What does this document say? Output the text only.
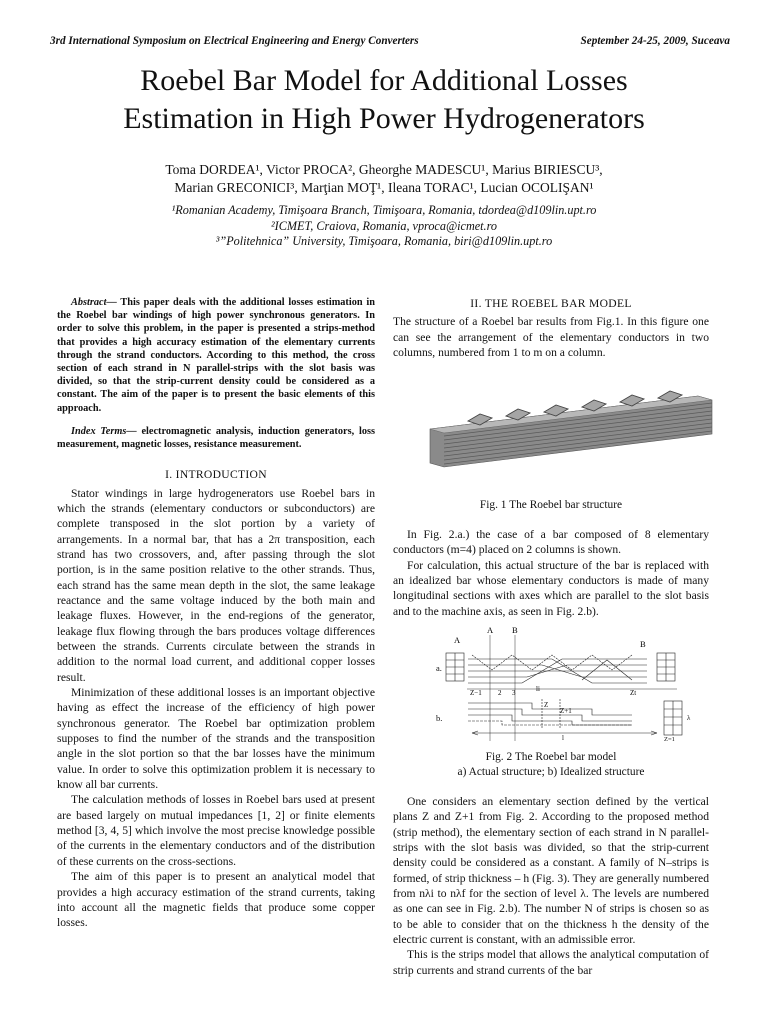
3rd International Symposium on Electrical Engineering and Energy Converters	September 24-25, 2009, Suceava
Roebel Bar Model for Additional Losses
Estimation in High Power Hydrogenerators
Toma DORDEA¹, Victor PROCA², Gheorghe MADESCU¹, Marius BIRIESCU³,
Marian GRECONICI³, Marţian MOŢ¹, Ileana TORAC¹, Lucian OCOLIŞAN¹
¹Romanian Academy, Timişoara Branch, Timişoara, Romania, tdordea@d109lin.upt.ro
²ICMET, Craiova, Romania, vproca@icmet.ro
³”Politehnica” University, Timişoara, Romania, biri@d109lin.upt.ro

Abstract— This paper deals with the additional losses estimation in the Roebel bar windings of high power synchronous generators. In order to solve this problem, in the paper is presented a strips-method that provides a high accuracy estimation of the elementary currents through the strand conductors. According to this method, the cross section of each strand in N parallel-strips with the slot basis was divided, so that the strip-current density could be considered as a constant. The aim of the paper is to present the basic elements of this approach.

Index Terms— electromagnetic analysis, induction generators, loss measurement, magnetic losses, resistance measurement.

I. INTRODUCTION

Stator windings in large hydrogenerators use Roebel bars in which the strands (elementary conductors or subconductors) are complete transposed in the slot portion by a variety of arrangements. In a normal bar, that has a 2π transposition, each strand has two crossovers, and, after passing through the slot portion, is in the same position relative to the other strands. Thus, each strand has the same mean depth in the slot, the same leakage reactance and the same voltage induced by the both main and leakage fluxes. However, in the end-regions of the generator, leakage flux flowing through the bars produces voltage differences between the strands. Currents circulate between the strands in addition to the normal load current, and additional copper losses result.

Minimization of these additional losses is an important objective having as effect the increase of the efficiency of high power synchronous generator. The Roebel bar optimization problem supposes to find the number of the strands and the transposition angle in the slot portion so that the bar losses have the minimum value. In order to solve this optimization problem it is necessary to know all bar currents.

The calculation methods of losses in Roebel bars used at present are based largely on mutual impedances [1, 2] or finite elements method [3, 4, 5] which involve the most precise knowledge possible of the currents in the elementary conductors and of the distribution of these currents on the cross-sections.

The aim of this paper is to present an analytical model that provides a high accuracy estimation of the strand currents, taking into account all the magnetic fields that produce some copper losses.

II. THE ROEBEL BAR MODEL

The structure of a Roebel bar results from Fig.1. In this figure one can see the arrangement of the elementary conductors in two columns, numbered from 1 to m on a column.

Fig. 1 The Roebel bar structure

In Fig. 2.a.) the case of a bar composed of 8 elementary conductors (m=4) placed on 2 columns is shown.

For calculation, this actual structure of the bar is replaced with an idealized bar whose elementary conductors is made of many longitudinal sections with axes which are parallel to the slot basis and to the machine axis, as seen in Fig. 2.b).

A
A B
B
a.
Z−1 2 3	li	Zt
b.
Z
Z+1
l
λ
Z=1
Fig. 2 The Roebel bar model
a) Actual structure; b) Idealized structure

One considers an elementary section defined by the vertical plans Z and Z+1 from Fig. 2. According to the proposed method (strip method), the elementary section of each strand in N parallel-strips with the slot basis was divided, so that the strip-current density could be considered as a constant. A family of N–strips is formed, of strip thickness – h (Fig. 3). They are generally numbered from nλi to nλf for the section of level λ. The levels are numbered as one can see in Fig. 2.b). The number N of strips is chosen so as to be able to consider that on the thickness h the density of the electric current is constant, with an admissible error.

This is the strips model that allows the analytical computation of strip currents and strand currents of the bar
